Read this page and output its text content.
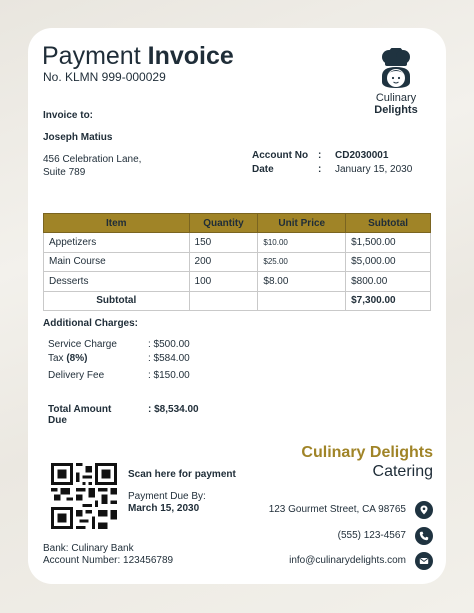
Payment Invoice
No. KLMN 999-000029
Culinary
Delights
Invoice to:
Joseph Matius
456 Celebration Lane,
Suite 789
Account No : CD2030001
Date	: January 15, 2030
Item	Quantity	Unit Price	Subtotal
Appetizers	150	$10.00	$1,500.00
Main Course	200	$25.00	$5,000.00
Desserts	100	$8.00	$800.00
Subtotal			$7,300.00
Additional Charges:
Service Charge	: $500.00
Tax (8%)	: $584.00
Delivery Fee	: $150.00
Total Amount Due
: $8,534.00
Scan here for payment
Payment Due By:
March 15, 2030
Bank: Culinary Bank
Account Number: 123456789
Culinary Delights
Catering
123 Gourmet Street, CA 98765
(555) 123-4567
info@culinarydelights.com
